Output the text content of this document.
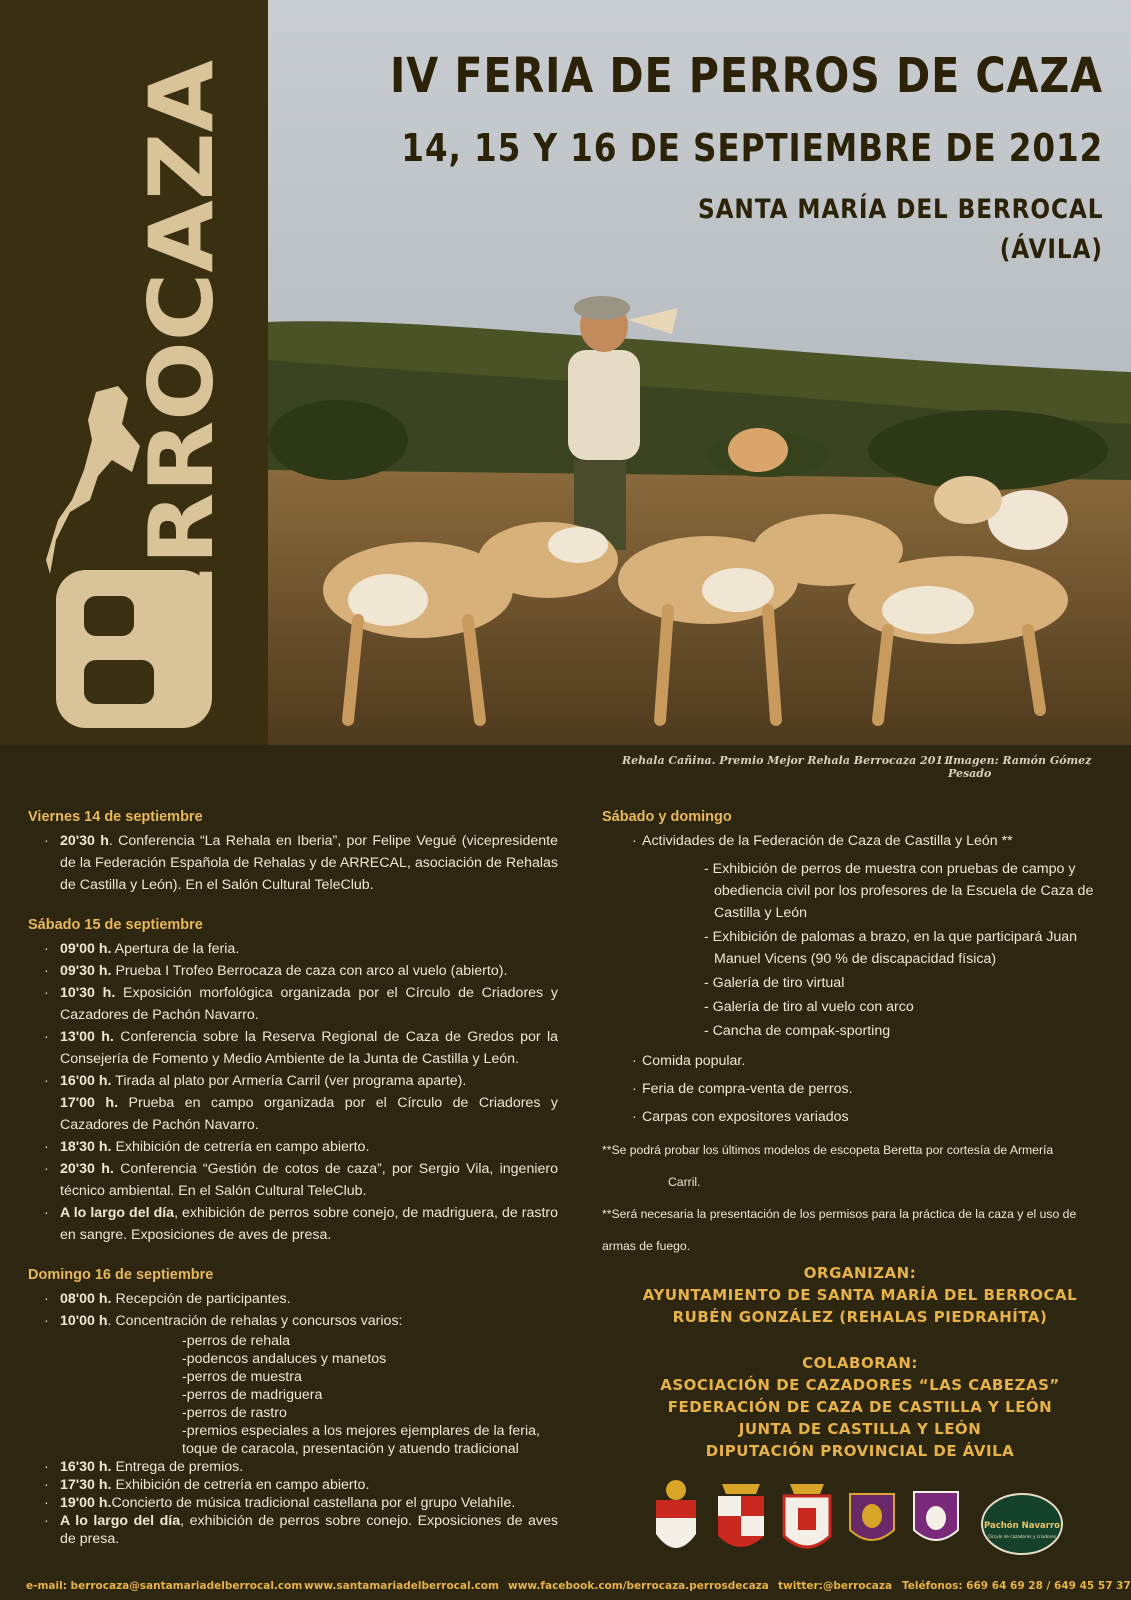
BERROCAZA
IV FERIA DE PERROS DE CAZA
14, 15 Y 16 DE SEPTIEMBRE DE 2012
SANTA MARÍA DEL BERROCAL
(ÁVILA)
Rehala Cañina. Premio Mejor Rehala Berrocaza 2011
Imagen: Ramón Gómez Pesado
Viernes 14 de septiembre
· 20'30 h. Conferencia “La Rehala en Iberia”, por Felipe Vegué (vicepresidente de la Federación Española de Rehalas y de ARRECAL, asociación de Rehalas de Castilla y León). En el Salón Cultural TeleClub.
Sábado 15 de septiembre
· 09'00 h. Apertura de la feria.
· 09'30 h. Prueba I Trofeo Berrocaza de caza con arco al vuelo (abierto).
· 10'30 h. Exposición morfológica organizada por el Círculo de Criadores y Cazadores de Pachón Navarro.
· 13'00 h. Conferencia sobre la Reserva Regional de Caza de Gredos por la Consejería de Fomento y Medio Ambiente de la Junta de Castilla y León.
· 16'00 h. Tirada al plato por Armería Carril (ver programa aparte).
17'00 h. Prueba en campo organizada por el Círculo de Criadores y Cazadores de Pachón Navarro.
· 18'30 h. Exhibición de cetrería en campo abierto.
· 20'30 h. Conferencia “Gestión de cotos de caza”, por Sergio Vila, ingeniero técnico ambiental. En el Salón Cultural TeleClub.
· A lo largo del día, exhibición de perros sobre conejo, de madriguera, de rastro en sangre. Exposiciones de aves de presa.
Domingo 16 de septiembre
· 08'00 h. Recepción de participantes.
· 10'00 h. Concentración de rehalas y concursos varios:
-perros de rehala
-podencos andaluces y manetos
-perros de muestra
-perros de madriguera
-perros de rastro
-premios especiales a los mejores ejemplares de la feria, toque de caracola, presentación y atuendo tradicional
· 16'30 h. Entrega de premios.
· 17'30 h. Exhibición de cetrería en campo abierto.
· 19'00 h.Concierto de música tradicional castellana por el grupo Velahíle.
· A lo largo del día, exhibición de perros sobre conejo. Exposiciones de aves de presa.
Sábado y domingo
· Actividades de la Federación de Caza de Castilla y León **
- Exhibición de perros de muestra con pruebas de campo y obediencia civil por los profesores de la Escuela de Caza de Castilla y León
- Exhibición de palomas a brazo, en la que participará Juan Manuel Vicens (90 % de discapacidad física)
- Galería de tiro virtual
- Galería de tiro al vuelo con arco
- Cancha de compak-sporting
· Comida popular.
· Feria de compra-venta de perros.
· Carpas con expositores variados
**Se podrá probar los últimos modelos de escopeta Beretta por cortesía de Armería
Carril.
**Será necesaria la presentación de los permisos para la práctica de la caza y el uso de
armas de fuego.
ORGANIZAN:
AYUNTAMIENTO DE SANTA MARÍA DEL BERROCAL
RUBÉN GONZÁLEZ (REHALAS PIEDRAHÍTA)
COLABORAN:
ASOCIACIÓN DE CAZADORES “LAS CABEZAS”
FEDERACIÓN DE CAZA DE CASTILLA Y LEÓN
JUNTA DE CASTILLA Y LEÓN
DIPUTACIÓN PROVINCIAL DE ÁVILA
Pachón Navarro
Círculo de cazadores y criadores
e-mail: berrocaza@santamariadelberrocal.com www.santamariadelberrocal.com www.facebook.com/berrocaza.perrosdecaza twitter:@berrocaza Teléfonos: 669 64 69 28 / 649 45 57 37
